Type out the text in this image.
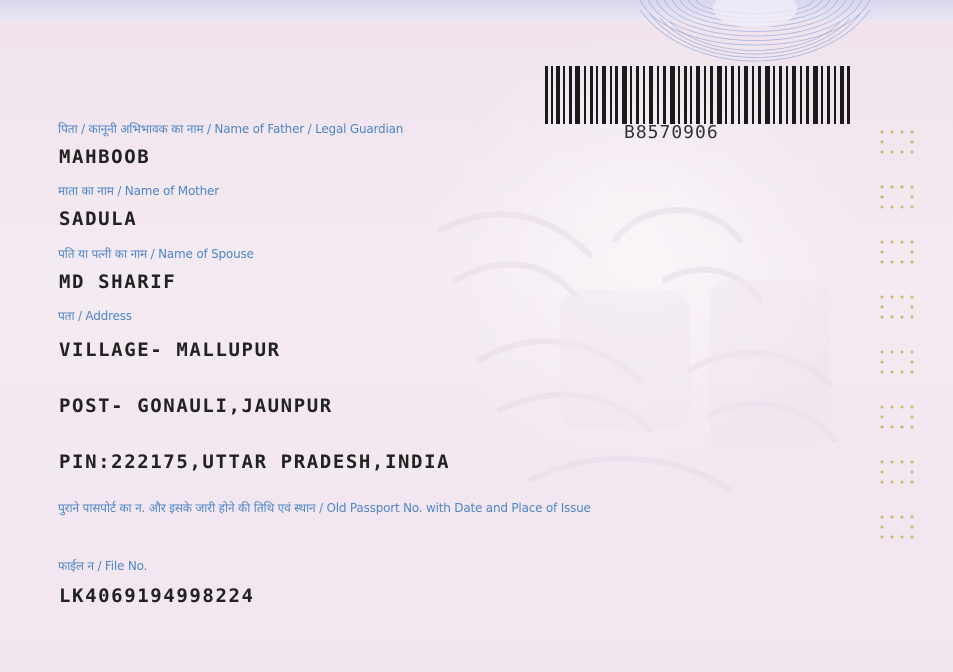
B8570906
पिता / कानूनी अभिभावक का नाम / Name of Father / Legal Guardian
MAHBOOB
माता का नाम / Name of Mother
SADULA
पति या पत्नी का नाम / Name of Spouse
MD SHARIF
पता / Address
VILLAGE- MALLUPUR
POST- GONAULI,JAUNPUR
PIN:222175,UTTAR PRADESH,INDIA
पुराने पासपोर्ट का न. और इसके जारी होने की तिथि एवं स्थान / Old Passport No. with Date and Place of Issue
फाईल न / File No.
LK4069194998224
